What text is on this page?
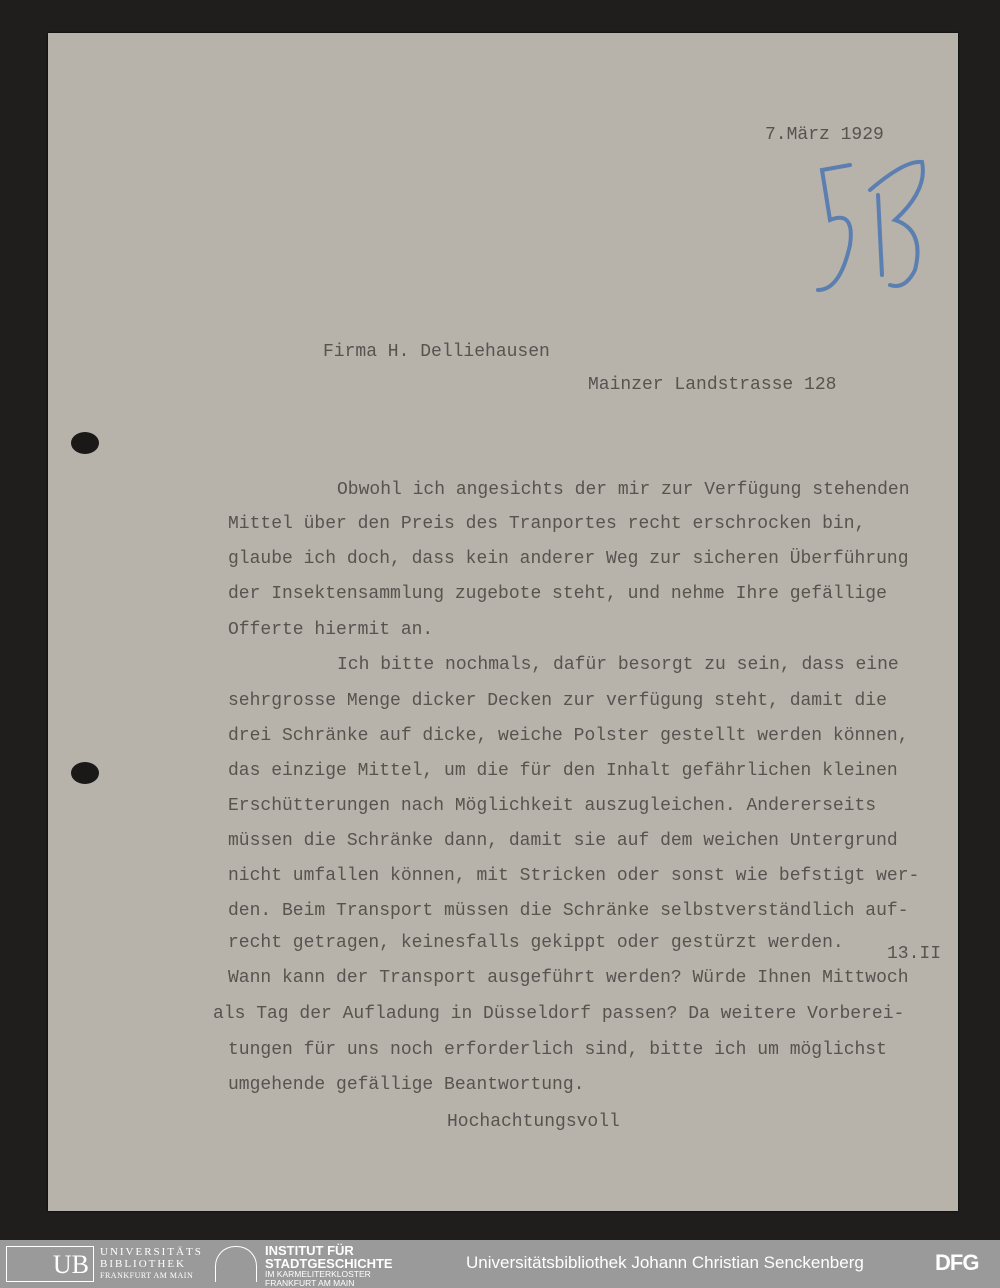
7.März 1929
Firma H. Delliehausen
Mainzer Landstrasse 128
Obwohl ich angesichts der mir zur Verfügung stehenden
Mittel über den Preis des Tranportes recht erschrocken bin,
glaube ich doch, dass kein anderer Weg zur sicheren Überführung
der Insektensammlung zugebote steht, und nehme Ihre gefällige
Offerte hiermit an.
Ich bitte nochmals, dafür besorgt zu sein, dass eine
sehrgrosse Menge dicker Decken zur verfügung steht, damit die
drei Schränke auf dicke, weiche Polster gestellt werden können,
das einzige Mittel, um die für den Inhalt gefährlichen kleinen
Erschütterungen nach Möglichkeit auszugleichen. Andererseits
müssen die Schränke dann, damit sie auf dem weichen Untergrund
nicht umfallen können, mit Stricken oder sonst wie befstigt wer-
den. Beim Transport müssen die Schränke selbstverständlich auf-
recht getragen, keinesfalls gekippt oder gestürzt werden.
13.II
Wann kann der Transport ausgeführt werden? Würde Ihnen Mittwoch
als Tag der Aufladung in Düsseldorf passen? Da weitere Vorberei-
tungen für uns noch erforderlich sind, bitte ich um möglichst
umgehende gefällige Beantwortung.
Hochachtungsvoll
UB	UNIVERSITÄTS
BIBLIOTHEK
FRANKFURT AM MAIN
INSTITUT FÜR
STADTGESCHICHTE
IM KARMELITERKLOSTER
FRANKFURT AM MAIN
Universitätsbibliothek Johann Christian Senckenberg	DFG
